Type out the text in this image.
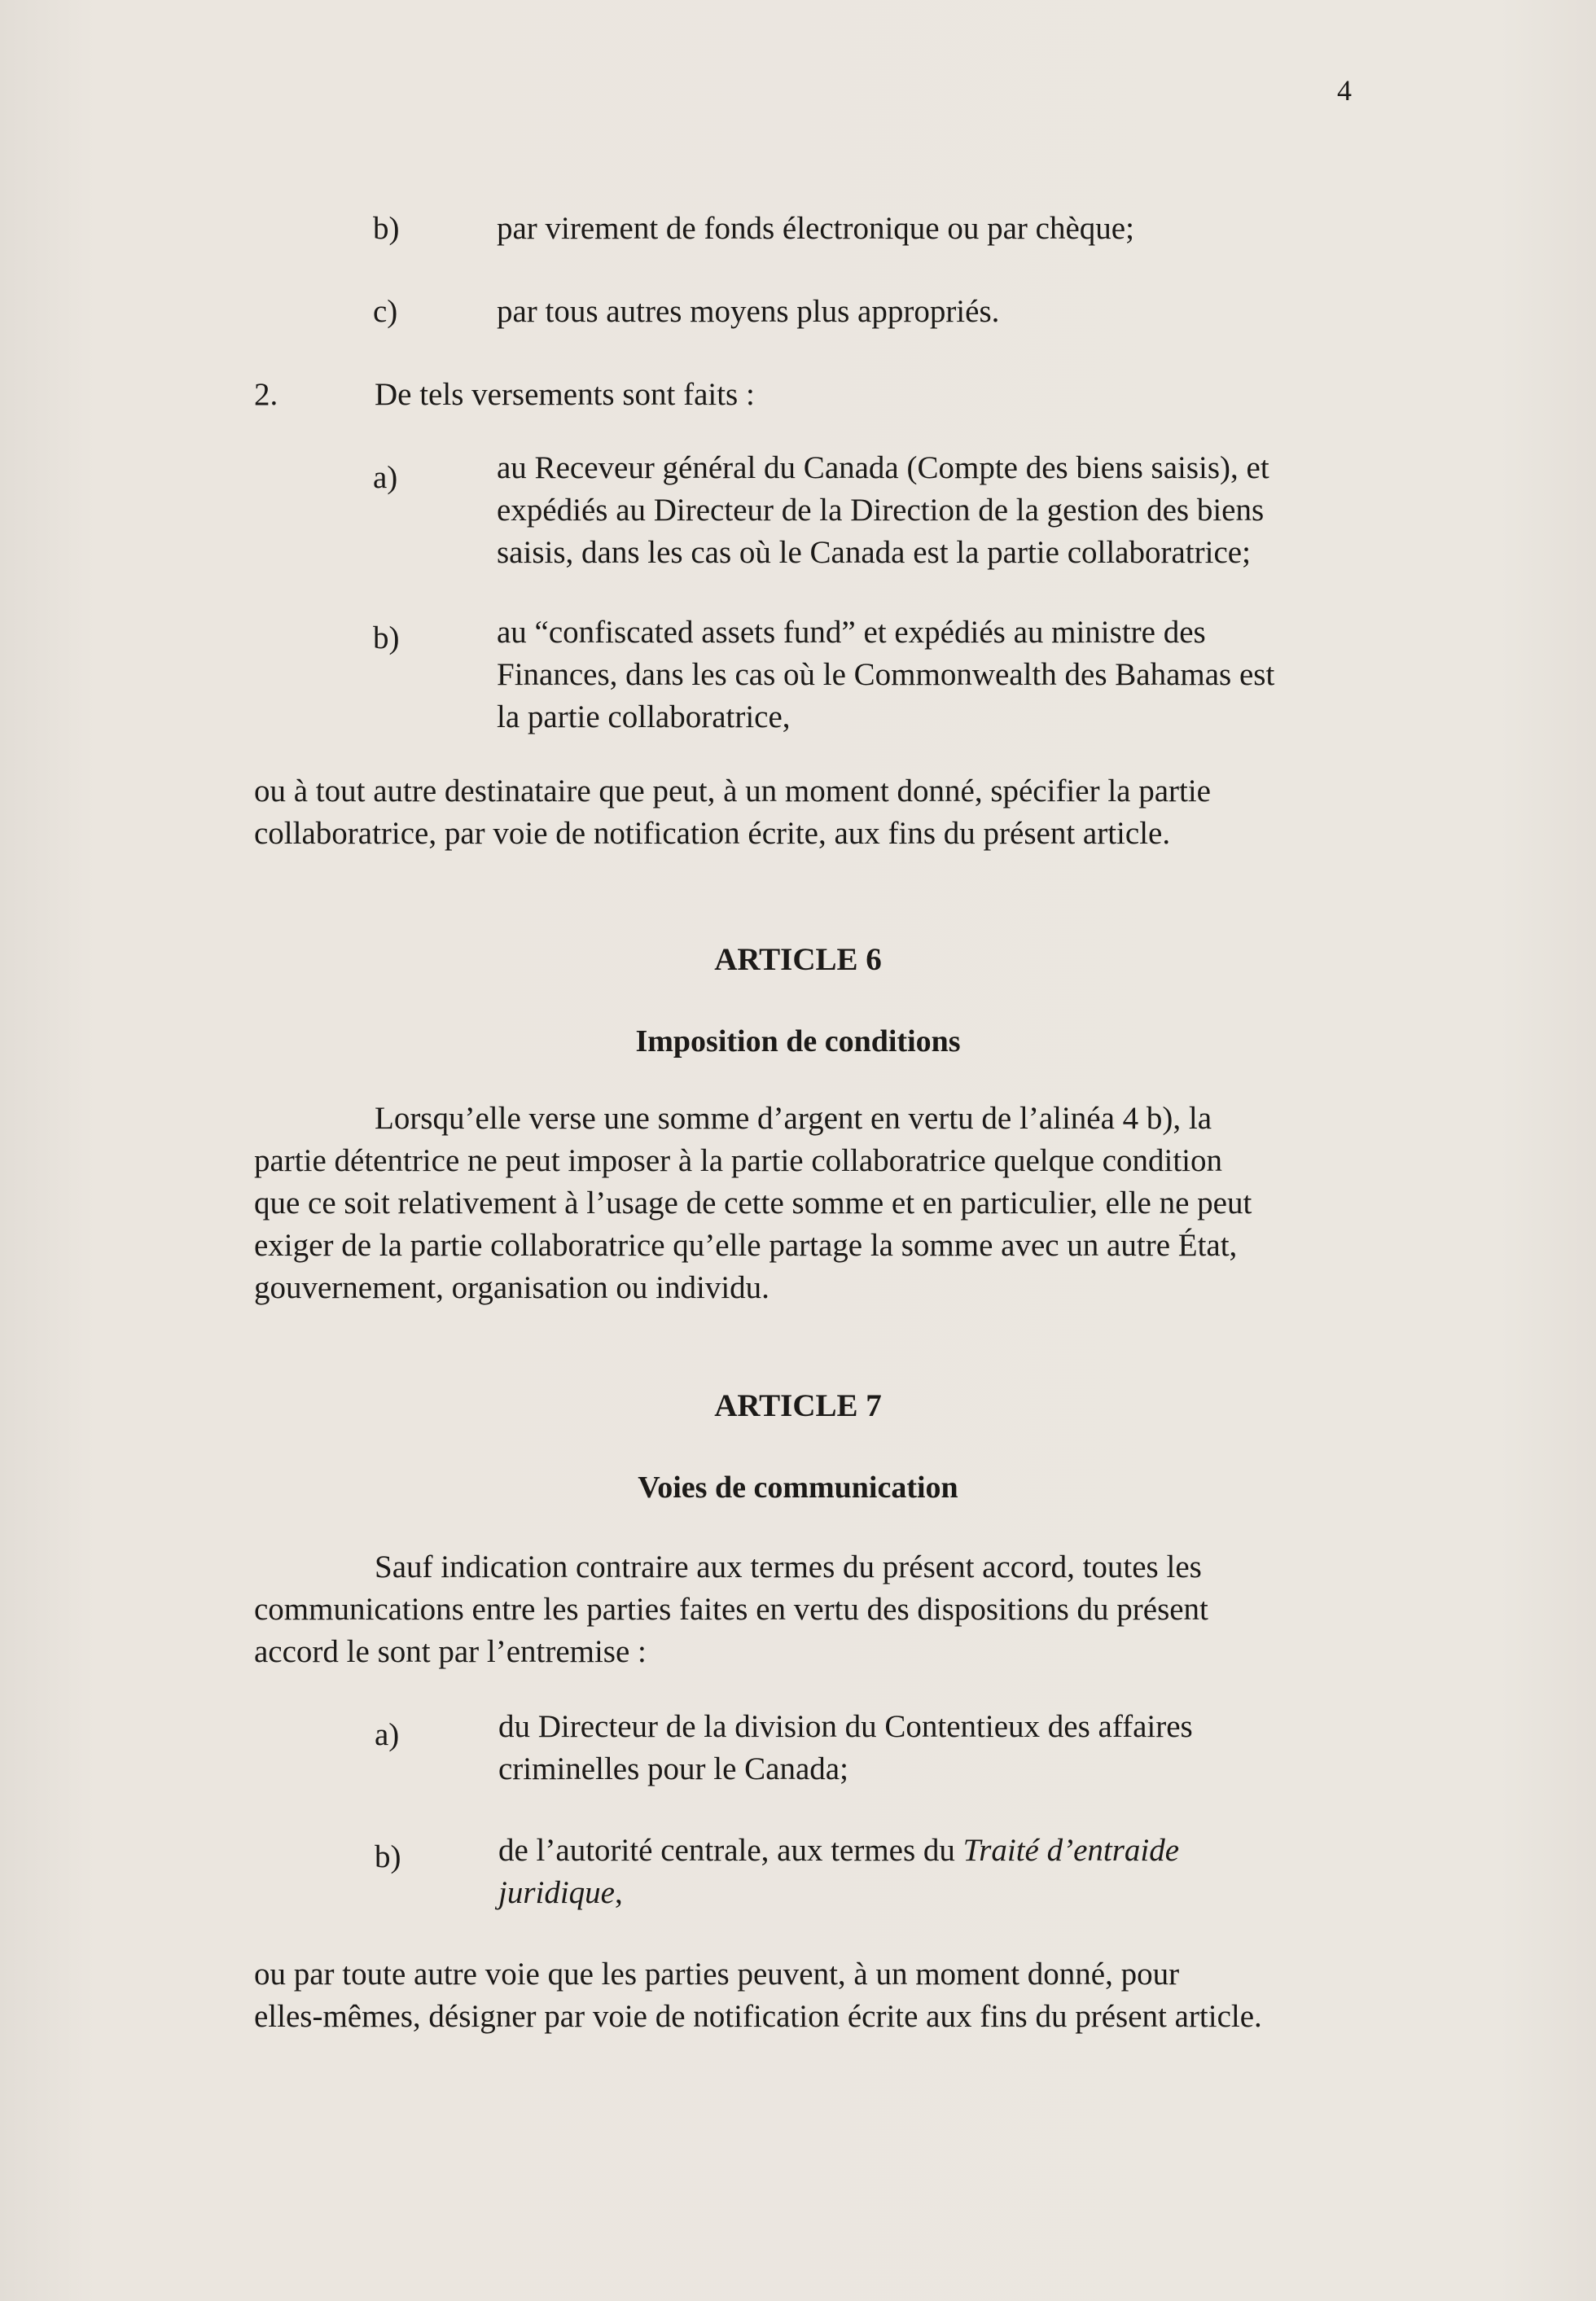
4
b)	par virement de fonds électronique ou par chèque;
c)	par tous autres moyens plus appropriés.
2.	De tels versements sont faits :
a)	au Receveur général du Canada (Compte des biens saisis), et
expédiés au Directeur de la Direction de la gestion des biens
saisis, dans les cas où le Canada est la partie collaboratrice;
b)	au “confiscated assets fund” et expédiés au ministre des
Finances, dans les cas où le Commonwealth des Bahamas est
la partie collaboratrice,
ou à tout autre destinataire que peut, à un moment donné, spécifier la partie
collaboratrice, par voie de notification écrite, aux fins du présent article.
ARTICLE 6
Imposition de conditions
Lorsqu’elle verse une somme d’argent en vertu de l’alinéa 4 b), la
partie détentrice ne peut imposer à la partie collaboratrice quelque condition
que ce soit relativement à l’usage de cette somme et en particulier, elle ne peut
exiger de la partie collaboratrice qu’elle partage la somme avec un autre État,
gouvernement, organisation ou individu.
ARTICLE 7
Voies de communication
Sauf indication contraire aux termes du présent accord, toutes les
communications entre les parties faites en vertu des dispositions du présent
accord le sont par l’entremise :
a)	du Directeur de la division du Contentieux des affaires
criminelles pour le Canada;
b)	de l’autorité centrale, aux termes du Traité d’entraide
juridique,
ou par toute autre voie que les parties peuvent, à un moment donné, pour
elles-mêmes, désigner par voie de notification écrite aux fins du présent article.
